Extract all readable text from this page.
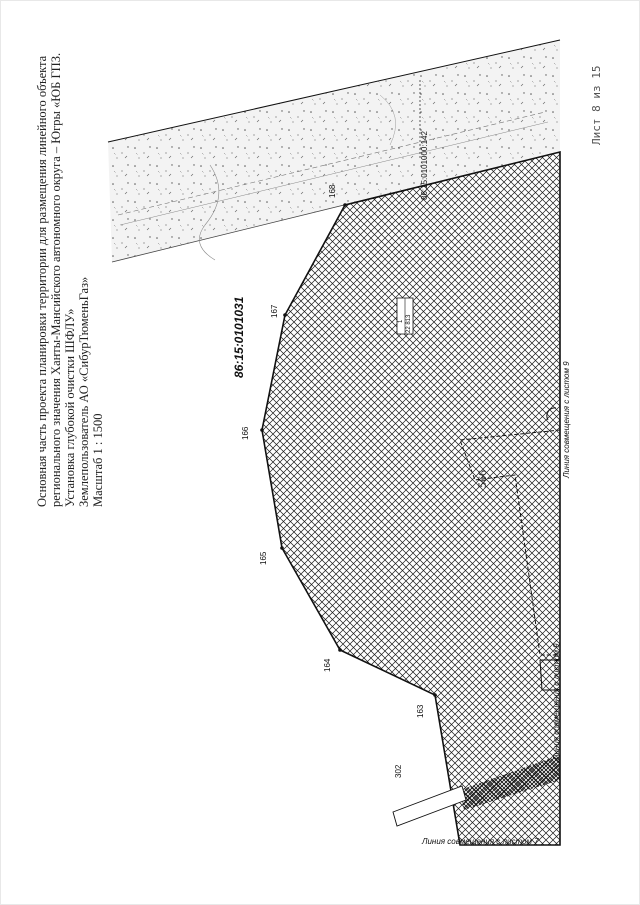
Основная часть проекта планировки территории для размещения линейного объекта регионального значения Ханты-Мансийского автономного округа – Югры «ЮБ ГПЗ. Установка глубокой очистки ШФЛУ» Землепользователь АО «СибурТюменьГаз» Масштаб 1 : 1500
Лист 8 из 15
86:15:0101031
86:15:0101000:142
302
163
164
165
166
167
168
1 22 813
Линия совмещения с листом 9
Линия совмещения с листом 9
Линия совмещения с листом 7
